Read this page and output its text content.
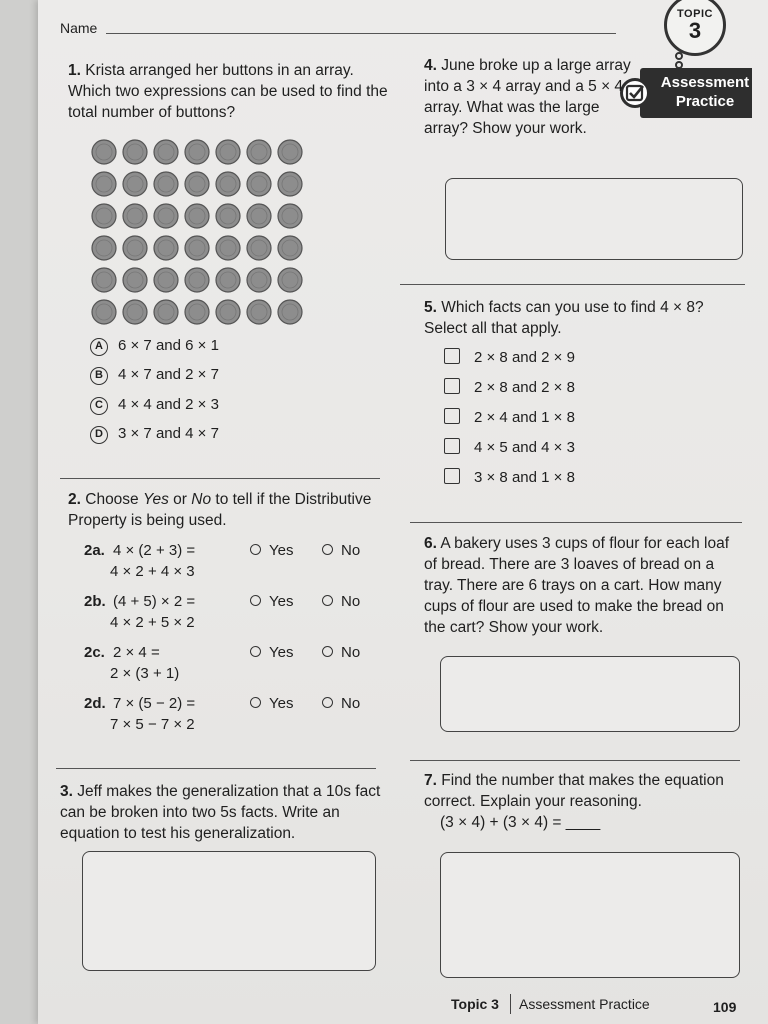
Name
TOPIC
3
Assessment
Practice
1. Krista arranged her buttons in an array. Which two expressions can be used to find the total number of buttons?
A 6 × 7 and 6 × 1
B 4 × 7 and 2 × 7
C 4 × 4 and 2 × 3
D 3 × 7 and 4 × 7
2. Choose Yes or No to tell if the Distributive Property is being used.
2a. 4 × (2 + 3) =
4 × 2 + 4 × 3
Yes	No
2b. (4 + 5) × 2 =
4 × 2 + 5 × 2
Yes	No
2c. 2 × 4 =
2 × (3 + 1)
Yes	No
2d. 7 × (5 − 2) =
7 × 5 − 7 × 2
Yes	No
3. Jeff makes the generalization that a 10s fact can be broken into two 5s facts. Write an equation to test his generalization.
4. June broke up a large array into a 3 × 4 array and a 5 × 4 array. What was the large array? Show your work.
5. Which facts can you use to find 4 × 8? Select all that apply.
2 × 8 and 2 × 9
2 × 8 and 2 × 8
2 × 4 and 1 × 8
4 × 5 and 4 × 3
3 × 8 and 1 × 8
6. A bakery uses 3 cups of flour for each loaf of bread. There are 3 loaves of bread on a tray. There are 6 trays on a cart. How many cups of flour are used to make the bread on the cart? Show your work.
7. Find the number that makes the equation correct. Explain your reasoning.
(3 × 4) + (3 × 4) = ____
Topic 3 Assessment Practice	109
